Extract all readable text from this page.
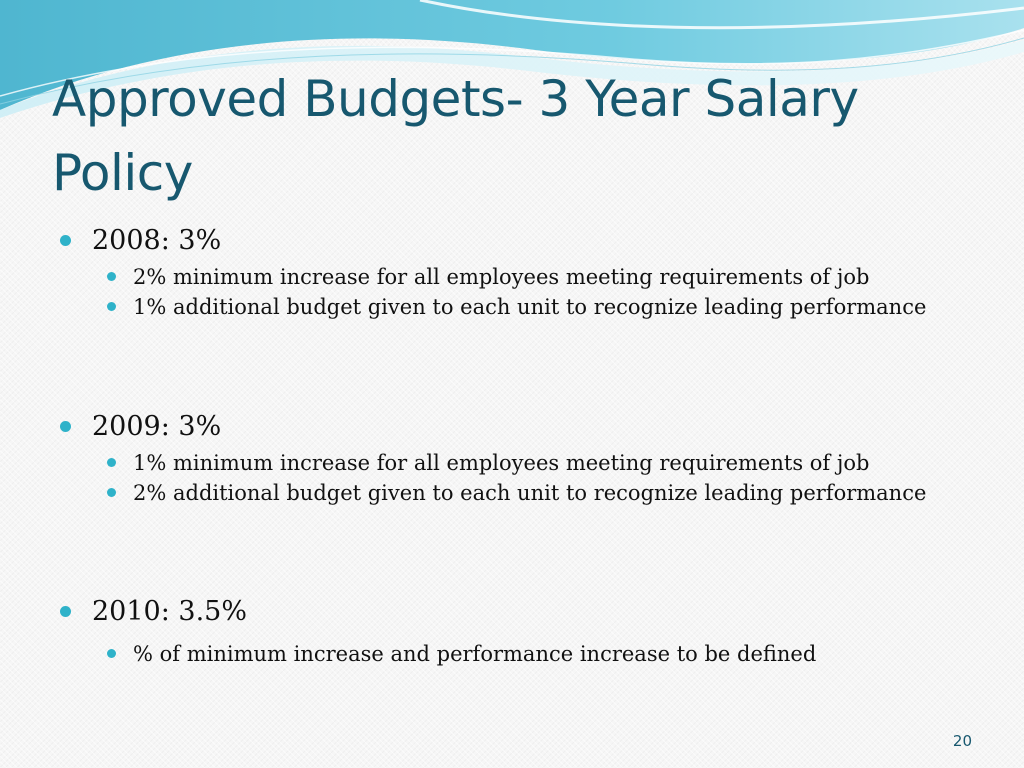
Approved Budgets- 3 Year Salary Policy
2008: 3%
2% minimum increase for all employees meeting requirements of job
1% additional budget given to each unit to recognize leading performance
2009: 3%
1% minimum increase for all employees meeting requirements of job
2% additional budget given to each unit to recognize leading performance
2010: 3.5%
% of minimum increase and performance increase to be defined
20
